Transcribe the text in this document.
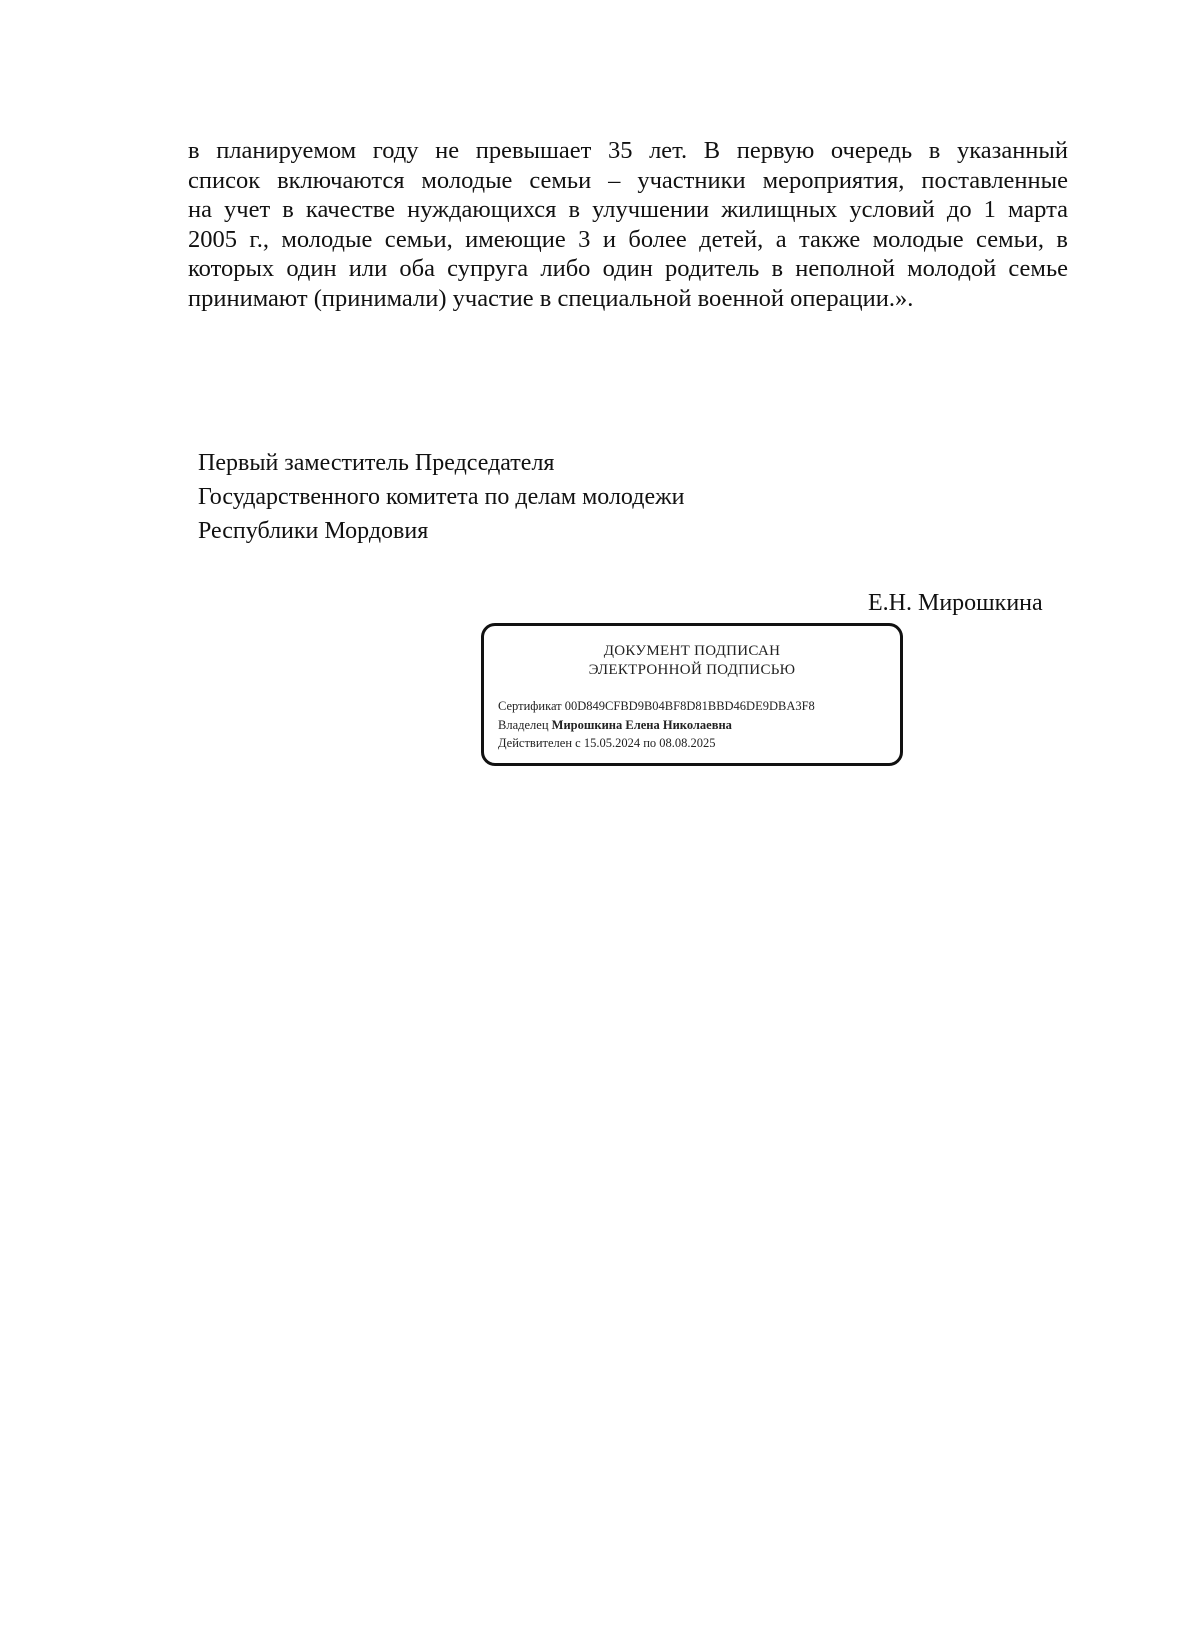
в планируемом году не превышает 35 лет. В первую очередь в указанный
список включаются молодые семьи – участники мероприятия, поставленные
на учет в качестве нуждающихся в улучшении жилищных условий до 1 марта
2005 г., молодые семьи, имеющие 3 и более детей, а также молодые семьи, в
которых один или оба супруга либо один родитель в неполной молодой семье
принимают (принимали) участие в специальной военной операции.».
Первый заместитель Председателя
Государственного комитета по делам молодежи
Республики Мордовия
Е.Н. Мирошкина
ДОКУМЕНТ ПОДПИСАН
ЭЛЕКТРОННОЙ ПОДПИСЬЮ
Сертификат 00D849CFBD9B04BF8D81BBD46DE9DBA3F8
Владелец Мирошкина Елена Николаевна
Действителен с 15.05.2024 по 08.08.2025
